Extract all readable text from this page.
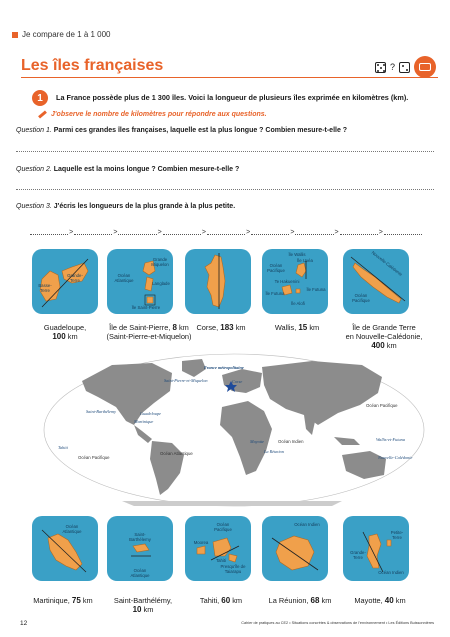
Je compare de 1 à 1 000
Les îles françaises	?
1	La France possède plus de 1 300 îles. Voici la longueur de plusieurs îles exprimée en kilomètres (km).
J'observe le nombre de kilomètres pour répondre aux questions.
Question 1. Parmi ces grandes îles françaises, laquelle est la plus longue ? Combien mesure-t-elle ?
Question 2. Laquelle est la moins longue ? Combien mesure-t-elle ?
Question 3. J'écris les longueurs de la plus grande à la plus petite.
>	>	>	>	>	>	>	>
Basse-Terre
Grande-Terre
Grande Miquelon
Océan Atlantique
Langlade
Île Saint-Pierre
Île Wallis
Océan Pacifique
Île Uvéa
Île Futuna
Île Alofi
Île Futuna
Te Hakuenini
Nouvelle-Calédonie
Océan Pacifique
Guadeloupe,
100 km
Île de Saint-Pierre, 8 km
(Saint-Pierre-et-Miquelon)
Corse, 183 km	Wallis, 15 km	Île de Grande Terre
en Nouvelle-Calédonie,
400 km
Saint-Pierre-et-Miquelon
France métropolitaine
Corse
Saint-Barthélemy	Guadeloupe
Martinique
Océan Atlantique
Océan Pacifique
Tahiti
Océan Pacifique
Mayotte
La Réunion
Océan Indien	Wallis-et-Futuna
Nouvelle-Calédonie
Océan Atlantique
Saint-Barthélemy
Océan Atlantique
Océan Pacifique
Moorea
Tahiti
Presqu'île de Taiarapu
Océan Indien
Petite-Terre
Grande-Terre
Océan Indien
Martinique, 75 km	Saint-Barthélémy,
10 km
Tahiti, 60 km	La Réunion, 68 km	Mayotte, 40 km
12	Cahier de pratiques au CE2 • Situations concrètes & observations de l'environnement • Les Éditions Buissonnières
